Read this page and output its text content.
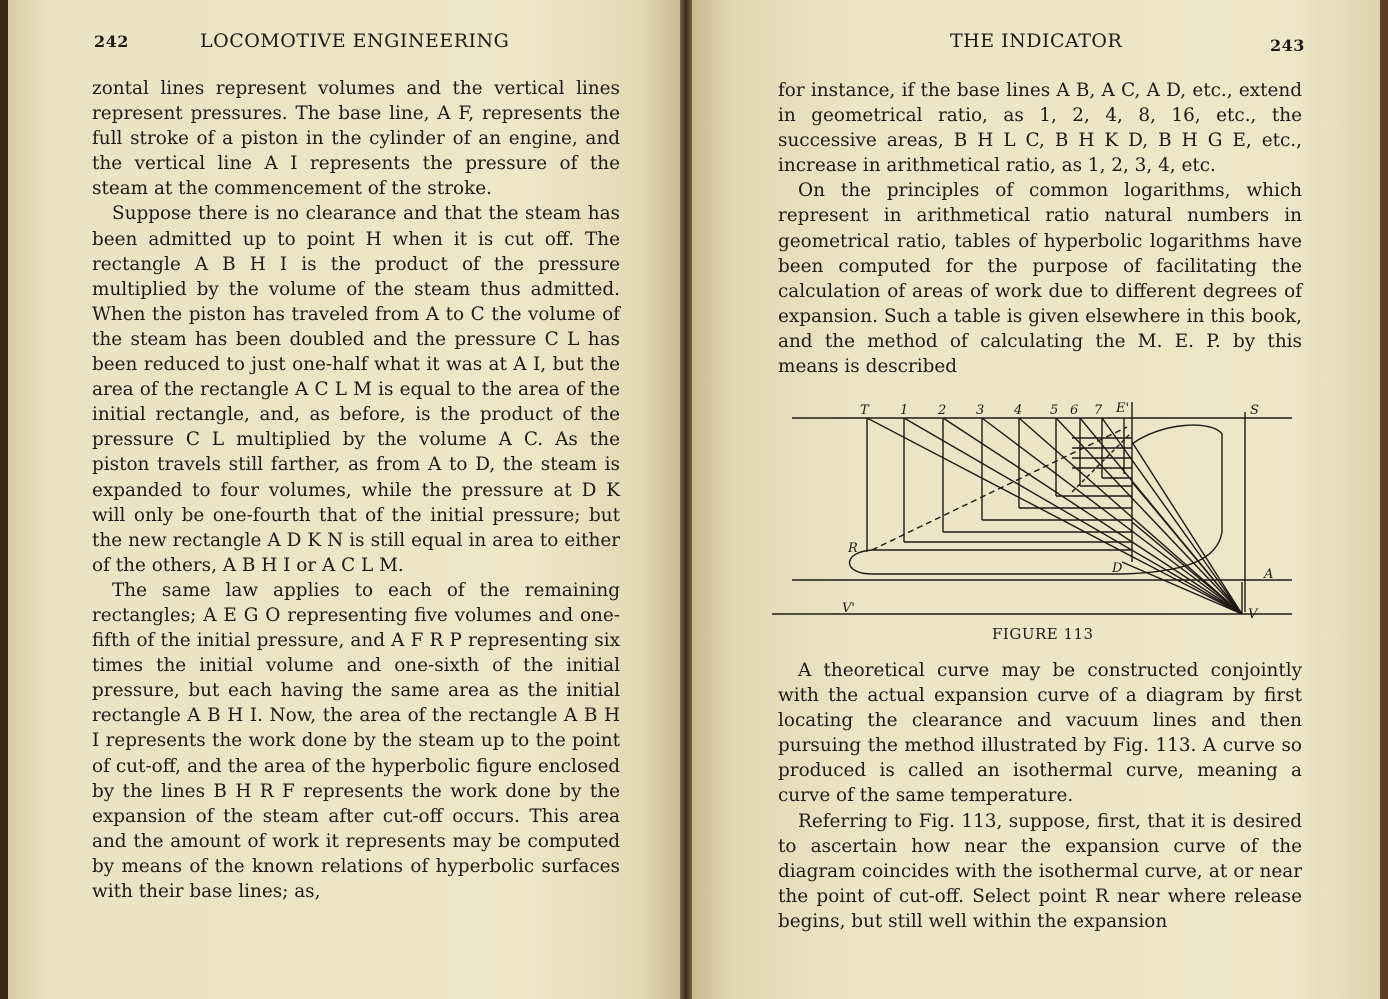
242	LOCOMOTIVE ENGINEERING

zontal lines represent volumes and the vertical lines represent pressures. The base line, A F, represents the full stroke of a piston in the cylinder of an engine, and the vertical line A I represents the pressure of the steam at the commencement of the stroke.

Suppose there is no clearance and that the steam has been admitted up to point H when it is cut off. The rectangle A B H I is the product of the pressure multiplied by the volume of the steam thus admitted. When the piston has traveled from A to C the volume of the steam has been doubled and the pressure C L has been reduced to just one-half what it was at A I, but the area of the rectangle A C L M is equal to the area of the initial rectangle, and, as before, is the product of the pressure C L multiplied by the volume A C. As the piston travels still farther, as from A to D, the steam is expanded to four volumes, while the pressure at D K will only be one-fourth that of the initial pressure; but the new rectangle A D K N is still equal in area to either of the others, A B H I or A C L M.

The same law applies to each of the remaining rectangles; A E G O representing five volumes and one-fifth of the initial pressure, and A F R P representing six times the initial volume and one-sixth of the initial pressure, but each having the same area as the initial rectangle A B H I. Now, the area of the rectangle A B H I represents the work done by the steam up to the point of cut-off, and the area of the hyperbolic figure enclosed by the lines B H R F represents the work done by the expansion of the steam after cut-off occurs. This area and the amount of work it represents may be computed by means of the known relations of hyperbolic surfaces with their base lines; as,

THE INDICATOR	243

for instance, if the base lines A B, A C, A D, etc., extend in geometrical ratio, as 1, 2, 4, 8, 16, etc., the successive areas, B H L C, B H K D, B H G E, etc., increase in arithmetical ratio, as 1, 2, 3, 4, etc.

On the principles of common logarithms, which represent in arithmetical ratio natural numbers in geometrical ratio, tables of hyperbolic logarithms have been computed for the purpose of facilitating the calculation of areas of work due to different degrees of expansion. Such a table is given elsewhere in this book, and the method of calculating the M. E. P. by this means is described

T 1 2 3 4 5 6 7 E'	S
R
D	A
V'	V
FIGURE 113

A theoretical curve may be constructed conjointly with the actual expansion curve of a diagram by first locating the clearance and vacuum lines and then pursuing the method illustrated by Fig. 113. A curve so produced is called an isothermal curve, meaning a curve of the same temperature.

Referring to Fig. 113, suppose, first, that it is desired to ascertain how near the expansion curve of the diagram coincides with the isothermal curve, at or near the point of cut-off. Select point R near where release begins, but still well within the expansion
